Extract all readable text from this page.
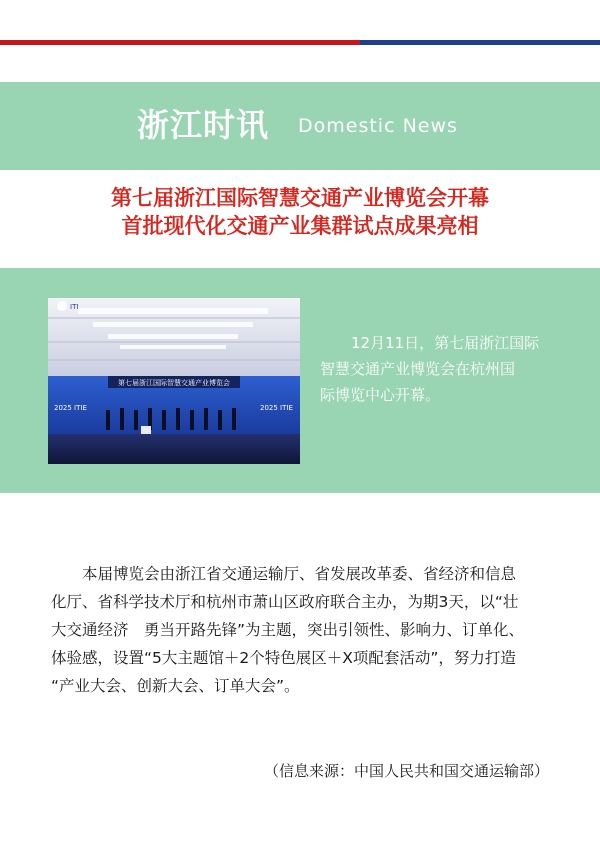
浙江时讯 Domestic News
第七届浙江国际智慧交通产业博览会开幕
首批现代化交通产业集群试点成果亮相
第七届浙江国际智慧交通产业博览会
2025 ITIE	2025 ITIE
ITI
12月11日，第七届浙江国际
智慧交通产业博览会在杭州国
际博览中心开幕。
本届博览会由浙江省交通运输厅、省发展改革委、省经济和信息
化厅、省科学技术厅和杭州市萧山区政府联合主办，为期3天，以“壮
大交通经济　勇当开路先锋”为主题，突出引领性、影响力、订单化、
体验感，设置“5大主题馆＋2个特色展区＋X项配套活动”，努力打造
“产业大会、创新大会、订单大会”。
（信息来源：中国人民共和国交通运输部）
